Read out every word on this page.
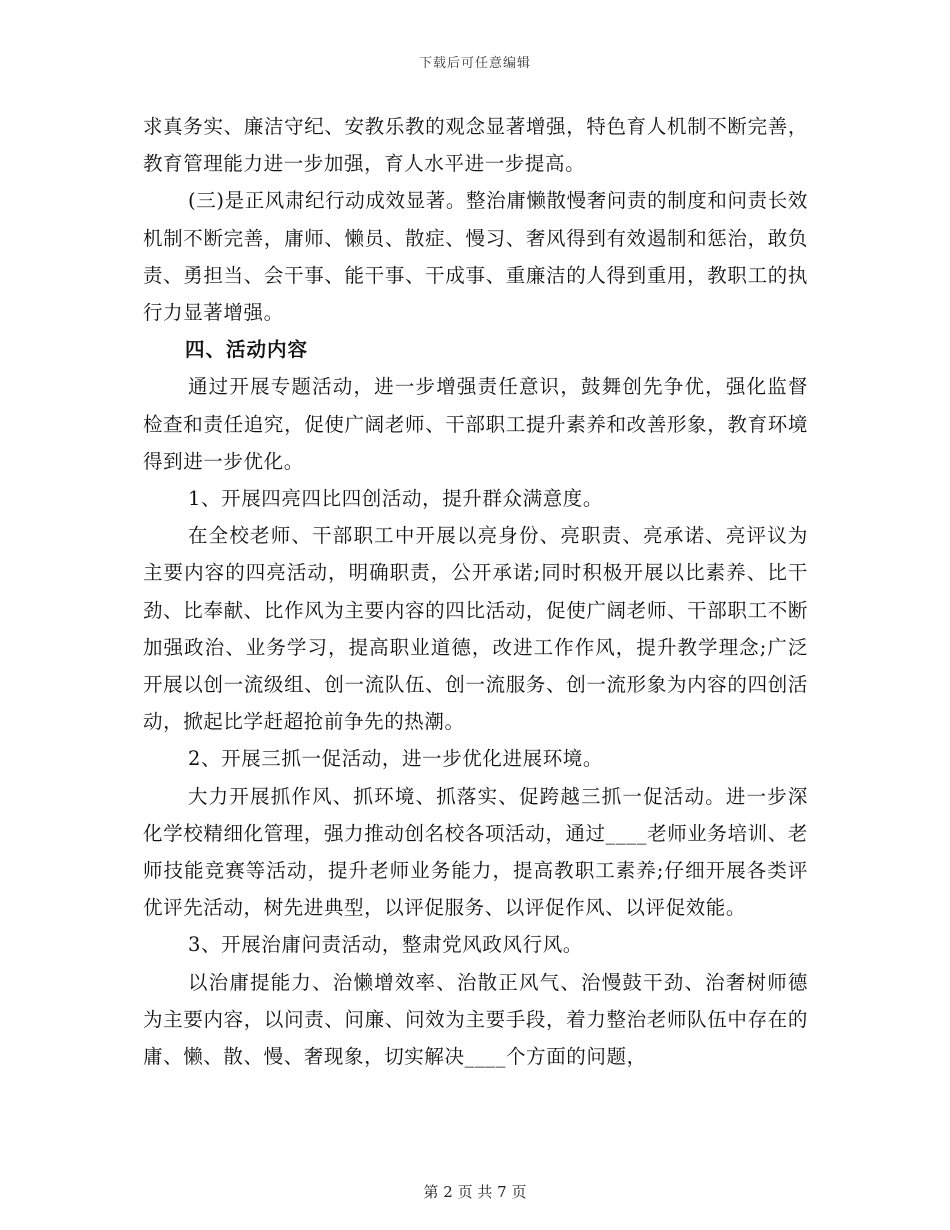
下载后可任意编辑

求真务实、廉洁守纪、安教乐教的观念显著增强，特色育人机制不断完善，教育管理能力进一步加强，育人水平进一步提高。

(三)是正风肃纪行动成效显著。整治庸懒散慢奢问责的制度和问责长效机制不断完善，庸师、懒员、散症、慢习、奢风得到有效遏制和惩治，敢负责、勇担当、会干事、能干事、干成事、重廉洁的人得到重用，教职工的执行力显著增强。

四、活动内容

通过开展专题活动，进一步增强责任意识，鼓舞创先争优，强化监督检查和责任追究，促使广阔老师、干部职工提升素养和改善形象，教育环境得到进一步优化。

1、开展四亮四比四创活动，提升群众满意度。

在全校老师、干部职工中开展以亮身份、亮职责、亮承诺、亮评议为主要内容的四亮活动，明确职责，公开承诺;同时积极开展以比素养、比干劲、比奉献、比作风为主要内容的四比活动，促使广阔老师、干部职工不断加强政治、业务学习，提高职业道德，改进工作作风，提升教学理念;广泛开展以创一流级组、创一流队伍、创一流服务、创一流形象为内容的四创活动，掀起比学赶超抢前争先的热潮。

2、开展三抓一促活动，进一步优化进展环境。

大力开展抓作风、抓环境、抓落实、促跨越三抓一促活动。进一步深化学校精细化管理，强力推动创名校各项活动，通过____老师业务培训、老师技能竞赛等活动，提升老师业务能力，提高教职工素养;仔细开展各类评优评先活动，树先进典型，以评促服务、以评促作风、以评促效能。

3、开展治庸问责活动，整肃党风政风行风。

以治庸提能力、治懒增效率、治散正风气、治慢鼓干劲、治奢树师德为主要内容，以问责、问廉、问效为主要手段，着力整治老师队伍中存在的庸、懒、散、慢、奢现象，切实解决____个方面的问题，

第 2 页 共 7 页
